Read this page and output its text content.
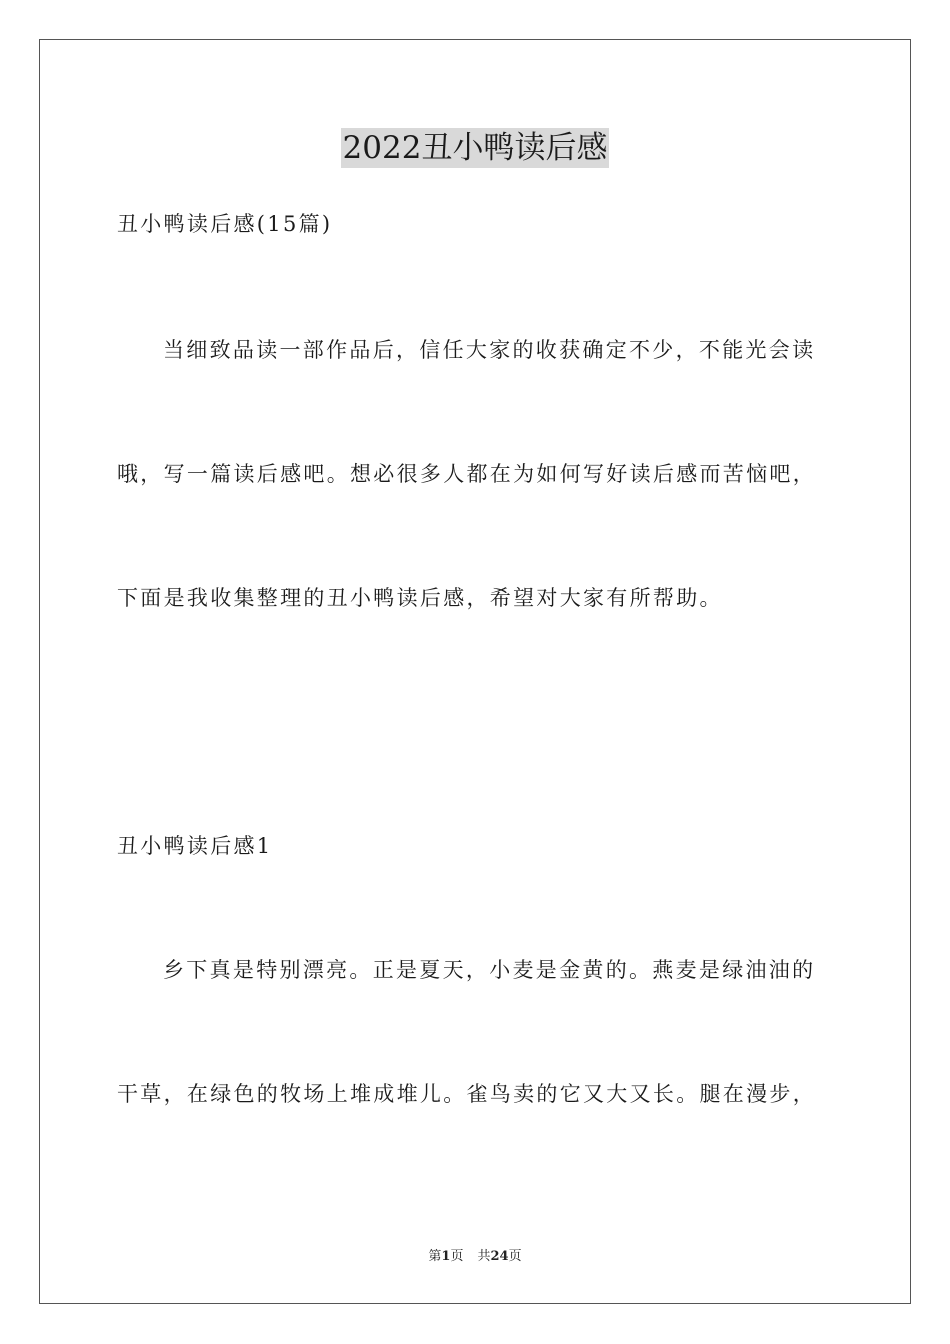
2022丑小鸭读后感
丑小鸭读后感(15篇)
当细致品读一部作品后，信任大家的收获确定不少，不能光会读
哦，写一篇读后感吧。想必很多人都在为如何写好读后感而苦恼吧，
下面是我收集整理的丑小鸭读后感，希望对大家有所帮助。
丑小鸭读后感1
乡下真是特别漂亮。正是夏天，小麦是金黄的。燕麦是绿油油的
干草，在绿色的牧场上堆成堆儿。雀鸟卖的它又大又长。腿在漫步，
第1页 共24页
